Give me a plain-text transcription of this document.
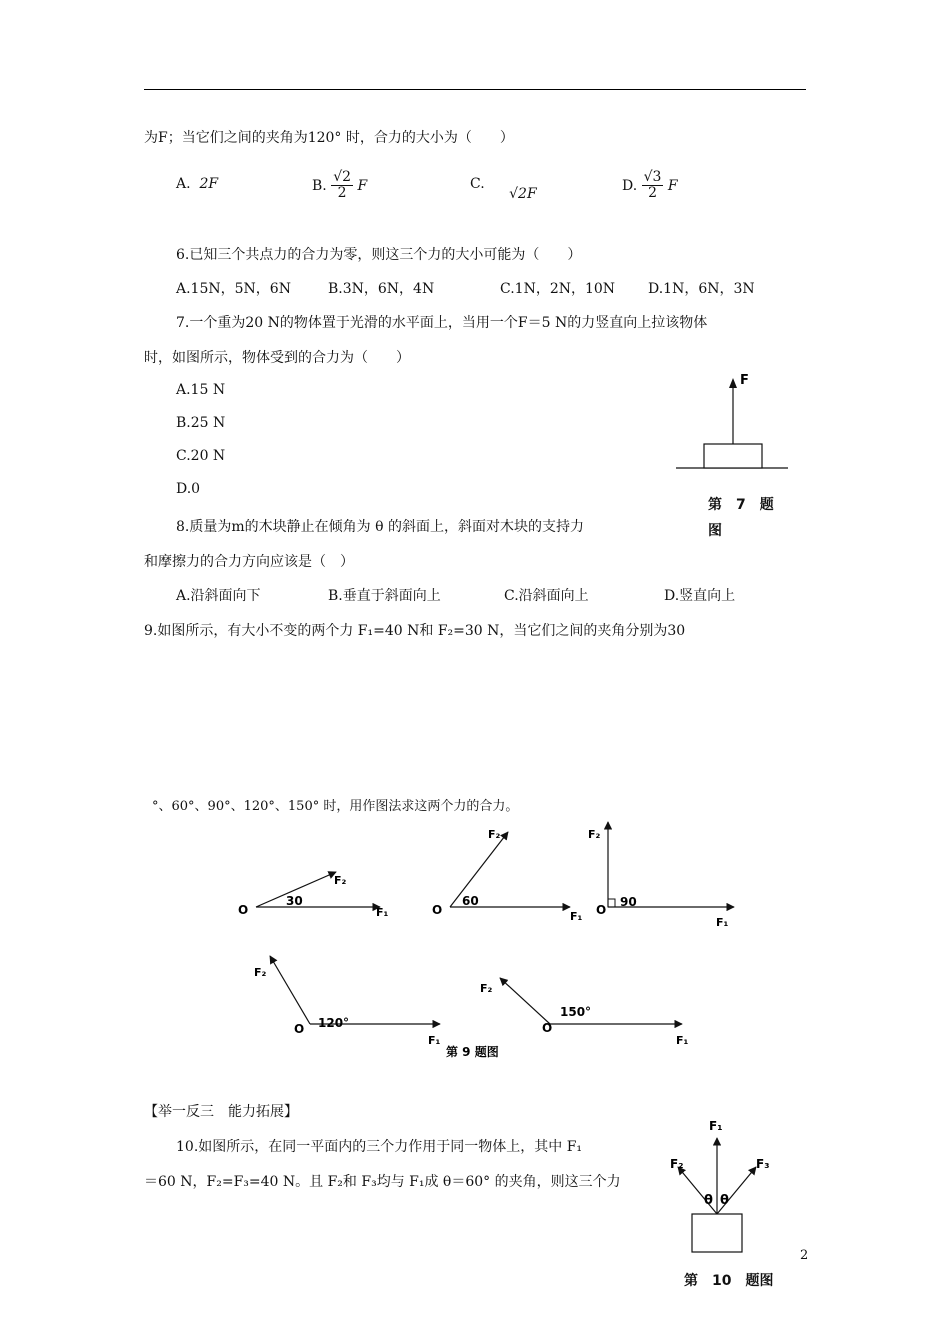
为F；当它们之间的夹角为120° 时，合力的大小为（　　）
A. 2F	B. $\frac{√2}{2}$ F	C. √2F
D. $\frac{√3}{2}$ F
6.已知三个共点力的合力为零，则这三个力的大小可能为（　　）
A.15N，5N，6N	B.3N，6N，4N	C.1N，2N，10N D.1N，6N，3N
7.一个重为20 N的物体置于光滑的水平面上，当用一个F＝5 N的力竖直向上拉该物体
时，如图所示，物体受到的合力为（　　）
A.15 N
B.25 N
C.20 N
D.0
F
第　7　题
图
8.质量为m的木块静止在倾角为 θ 的斜面上，斜面对木块的支持力
和摩擦力的合力方向应该是（　）
A.沿斜面向下	B.垂直于斜面向上	C.沿斜面向上	D.竖直向上
9.如图所示，有大小不变的两个力 F₁=40 N和 F₂=30 N，当它们之间的夹角分别为30
°、60°、90°、120°、150° 时，用作图法求这两个力的合力。
O	F₁
F₂
30
O	F₁
F₂
60
O
F₁
F₂
90
O
F₁
F₂
120°	O
F₁
F₂
150°
第 9 题图
【举一反三　能力拓展】
10.如图所示，在同一平面内的三个力作用于同一物体上，其中 F₁
＝60 N，F₂=F₃=40 N。且 F₂和 F₃均与 F₁成 θ＝60° 的夹角，则这三个力
F₁
F₂	F₃
θ θ
第　10　题图
2
